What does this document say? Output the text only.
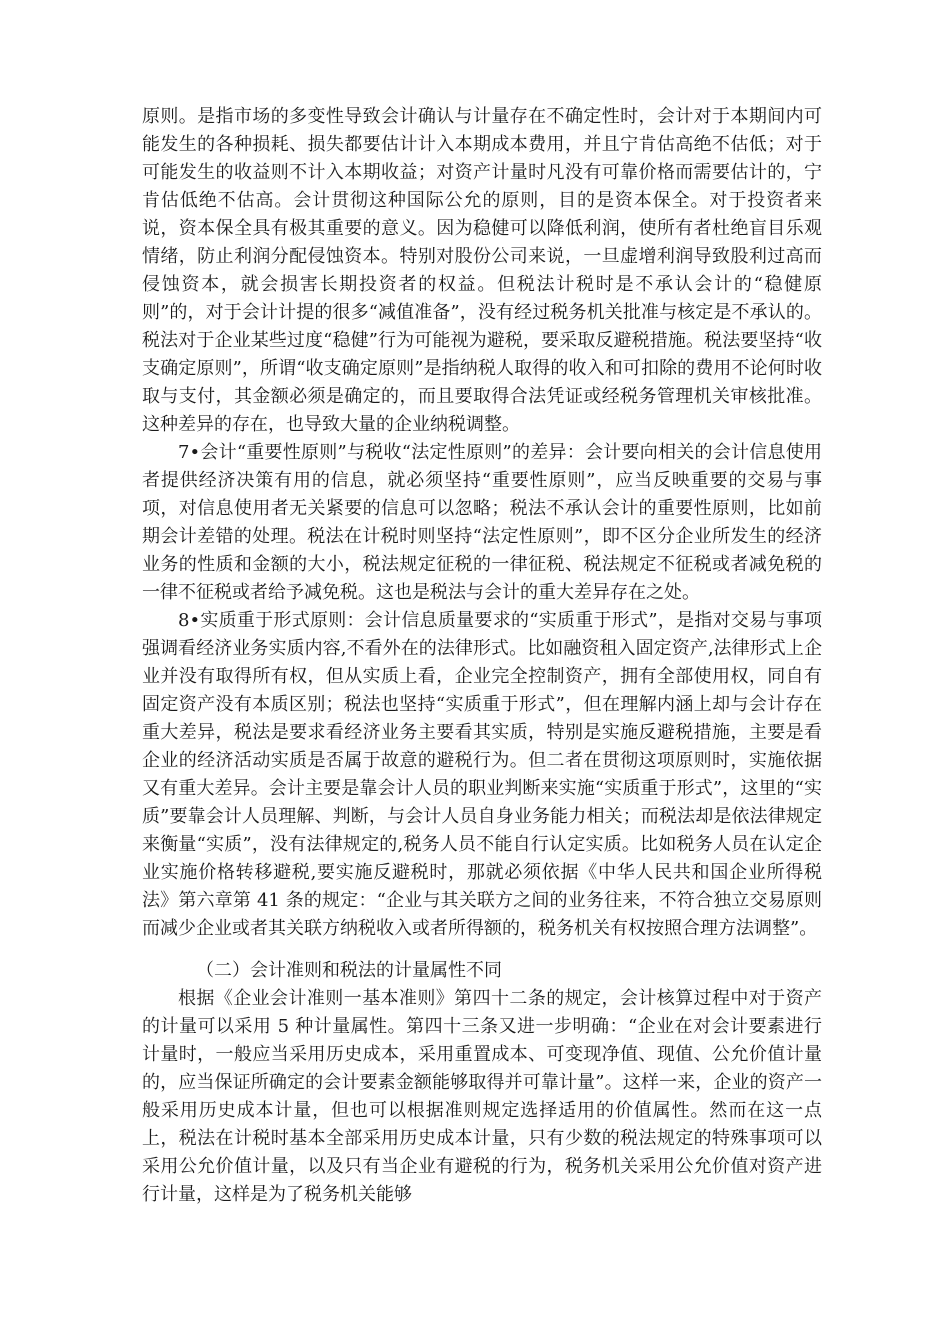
原则。是指市场的多变性导致会计确认与计量存在不确定性时，会计对于本期间内可能发生的各种损耗、损失都要估计计入本期成本费用，并且宁肯估高绝不估低；对于可能发生的收益则不计入本期收益；对资产计量时凡没有可靠价格而需要估计的，宁肯估低绝不估高。会计贯彻这种国际公允的原则，目的是资本保全。对于投资者来说，资本保全具有极其重要的意义。因为稳健可以降低利润，使所有者杜绝盲目乐观情绪，防止利润分配侵蚀资本。特别对股份公司来说，一旦虚增利润导致股利过高而侵蚀资本，就会损害长期投资者的权益。但税法计税时是不承认会计的“稳健原则”的，对于会计计提的很多“减值准备”，没有经过税务机关批准与核定是不承认的。税法对于企业某些过度“稳健”行为可能视为避税，要采取反避税措施。税法要坚持“收支确定原则”，所谓“收支确定原则”是指纳税人取得的收入和可扣除的费用不论何时收取与支付，其金额必须是确定的，而且要取得合法凭证或经税务管理机关审核批准。这种差异的存在，也导致大量的企业纳税调整。

7•会计“重要性原则”与税收“法定性原则”的差异：会计要向相关的会计信息使用者提供经济决策有用的信息，就必须坚持“重要性原则”，应当反映重要的交易与事项，对信息使用者无关紧要的信息可以忽略；税法不承认会计的重要性原则，比如前期会计差错的处理。税法在计税时则坚持“法定性原则”，即不区分企业所发生的经济业务的性质和金额的大小，税法规定征税的一律征税、税法规定不征税或者减免税的一律不征税或者给予减免税。这也是税法与会计的重大差异存在之处。

8•实质重于形式原则：会计信息质量要求的“实质重于形式”，是指对交易与事项强调看经济业务实质内容,不看外在的法律形式。比如融资租入固定资产,法律形式上企业并没有取得所有权，但从实质上看，企业完全控制资产，拥有全部使用权，同自有固定资产没有本质区别；税法也坚持“实质重于形式”，但在理解内涵上却与会计存在重大差异，税法是要求看经济业务主要看其实质，特别是实施反避税措施，主要是看企业的经济活动实质是否属于故意的避税行为。但二者在贯彻这项原则时，实施依据又有重大差异。会计主要是靠会计人员的职业判断来实施“实质重于形式”，这里的“实质”要靠会计人员理解、判断，与会计人员自身业务能力相关；而税法却是依法律规定来衡量“实质”，没有法律规定的,税务人员不能自行认定实质。比如税务人员在认定企业实施价格转移避税,要实施反避税时，那就必须依据《中华人民共和国企业所得税法》第六章第 41 条的规定：“企业与其关联方之间的业务往来，不符合独立交易原则而减少企业或者其关联方纳税收入或者所得额的，税务机关有权按照合理方法调整”。

（二）会计准则和税法的计量属性不同

根据《企业会计准则一基本准则》第四十二条的规定，会计核算过程中对于资产的计量可以采用 5 种计量属性。第四十三条又进一步明确：“企业在对会计要素进行计量时，一般应当采用历史成本，采用重置成本、可变现净值、现值、公允价值计量的，应当保证所确定的会计要素金额能够取得并可靠计量”。这样一来，企业的资产一般采用历史成本计量，但也可以根据准则规定选择适用的价值属性。然而在这一点上，税法在计税时基本全部采用历史成本计量，只有少数的税法规定的特殊事项可以采用公允价值计量，以及只有当企业有避税的行为，税务机关采用公允价值对资产进行计量，这样是为了税务机关能够
